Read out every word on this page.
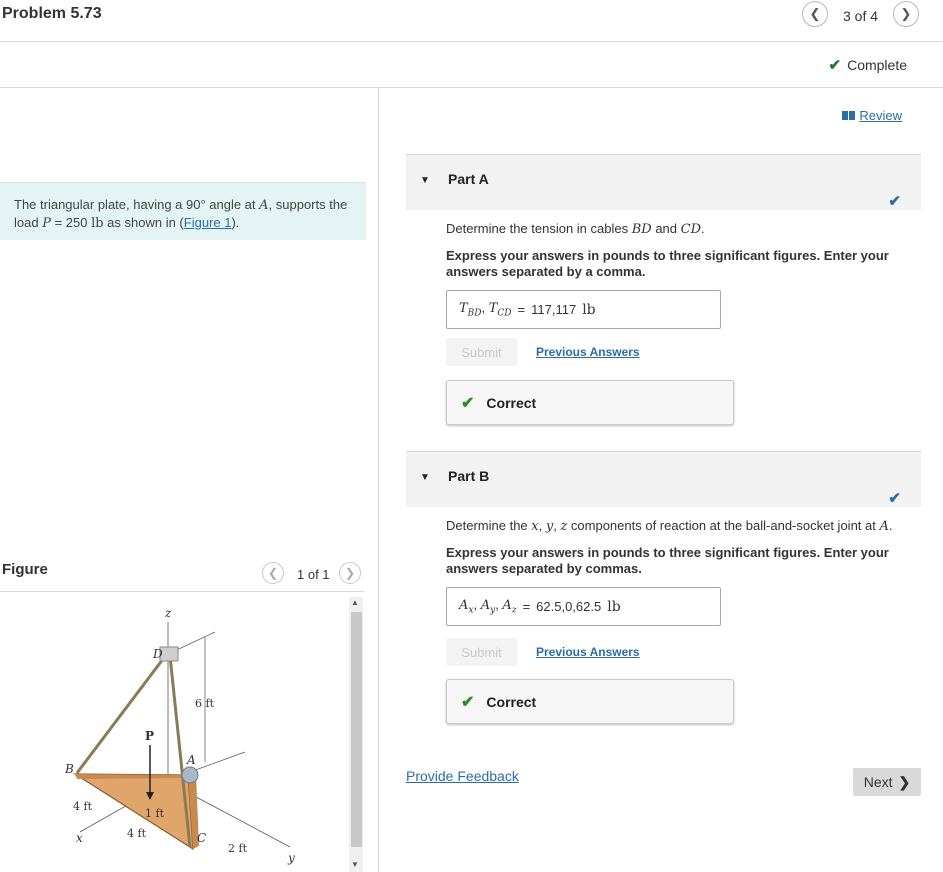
Problem 5.73	❮ 3 of 4 ❯
✔ Complete
Review
The triangular plate, having a 90° angle at A, supports the load P = 250 lb as shown in (Figure 1).
Figure	❮ 1 of 1 ❯
z
D
6 ft
P
A
B
4 ft
1 ft
x	4 ft	C
2 ft
y
▲
▼
▼ Part A
✔
Determine the tension in cables BD and CD.
Express your answers in pounds to three significant figures. Enter your answers separated by a comma.
$T_{BD}$, $T_{CD} = 117,117$ lb
Submit	Previous Answers
✔ Correct
▼ Part B
✔
Determine the x, y, z components of reaction at the ball-and-socket joint at A.
Express your answers in pounds to three significant figures. Enter your answers separated by commas.
$A_x$, $A_y$, $A_z = 62.5,0,62.5$ lb
Submit	Previous Answers
✔ Correct
Provide Feedback	Next ❯
